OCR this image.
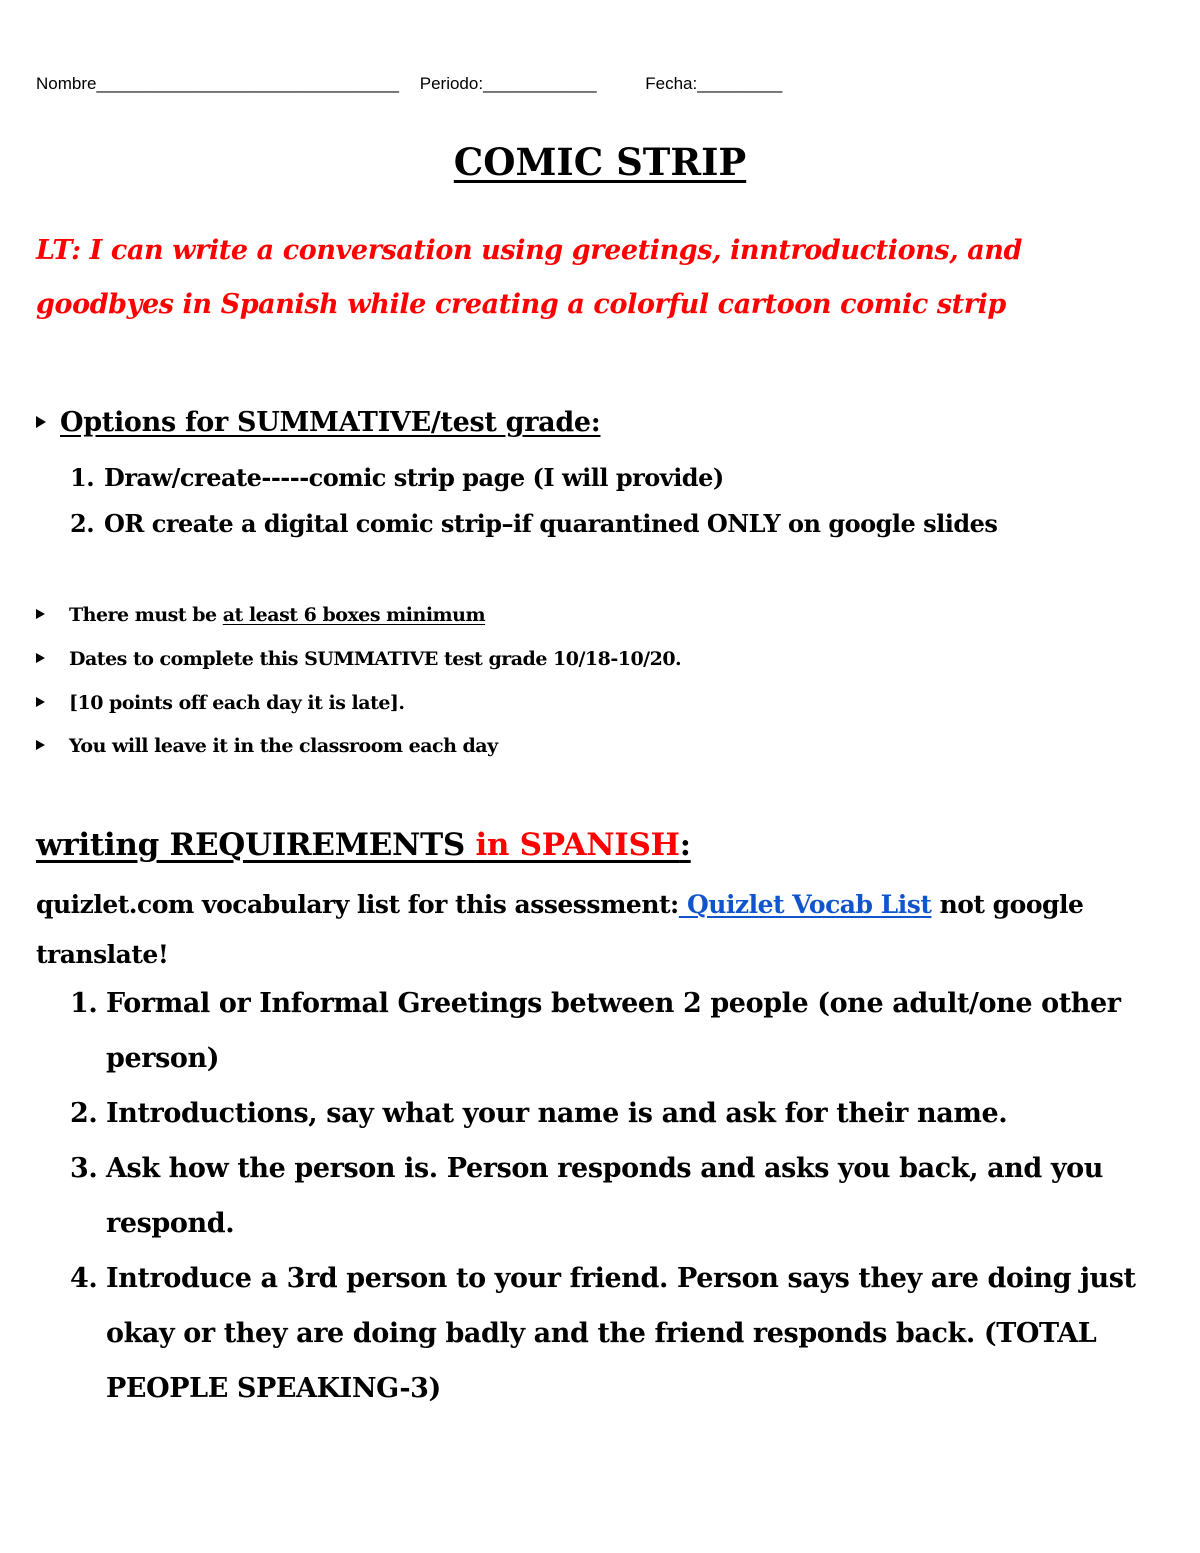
Nombre________________________________ Periodo:____________	Fecha:_________
COMIC STRIP
LT: I can write a conversation using greetings, inntroductions, and goodbyes in Spanish while creating a colorful cartoon comic strip
Options for SUMMATIVE/test grade:
1. Draw/create-----comic strip page (I will provide)
2. OR create a digital comic strip–if quarantined ONLY on google slides
There must be at least 6 boxes minimum
Dates to complete this SUMMATIVE test grade 10/18-10/20.
[10 points off each day it is late].
You will leave it in the classroom each day
writing REQUIREMENTS in SPANISH:
quizlet.com vocabulary list for this assessment: Quizlet Vocab List not google translate!
1. Formal or Informal Greetings between 2 people (one adult/one other person)
2. Introductions, say what your name is and ask for their name.
3. Ask how the person is. Person responds and asks you back, and you respond.
4. Introduce a 3rd person to your friend. Person says they are doing just okay or they are doing badly and the friend responds back. (TOTAL PEOPLE SPEAKING-3)
